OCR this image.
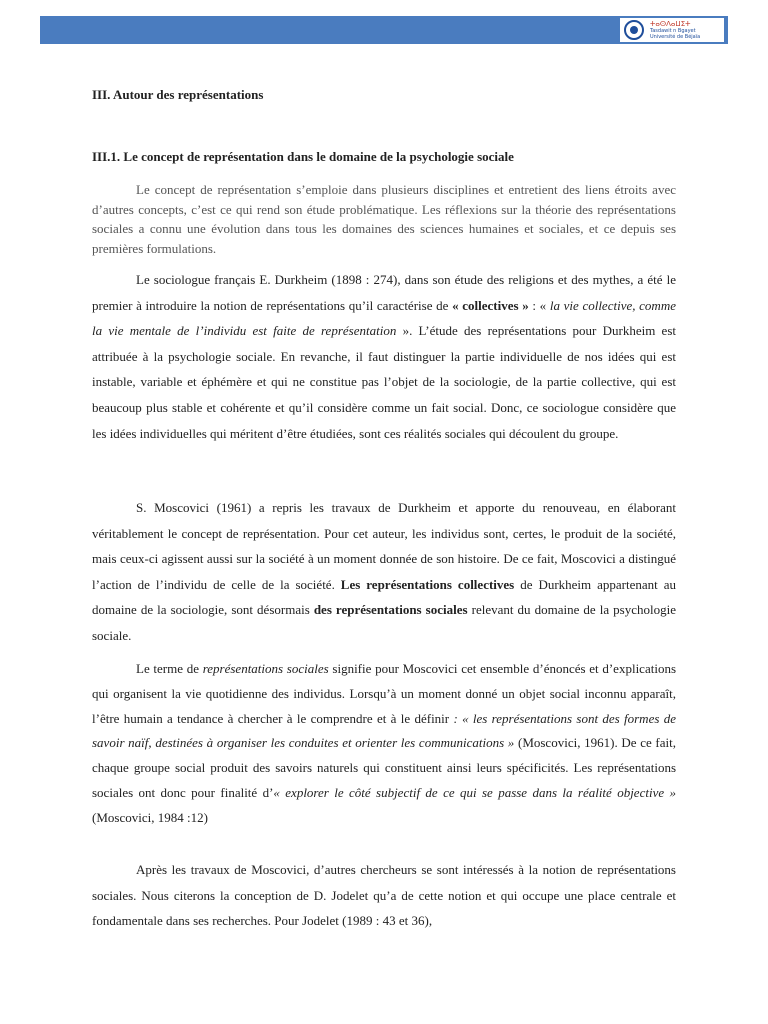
ⵜⴰⵙⴷⴰⵡⵉⵜ
Tasdawit n Bgayet
Université de Béjaïa
III. Autour des représentations
III.1. Le concept de représentation dans le domaine de la psychologie sociale

Le concept de représentation s’emploie dans plusieurs disciplines et entretient des liens étroits avec d’autres concepts, c’est ce qui rend son étude problématique. Les réflexions sur la théorie des représentations sociales a connu une évolution dans tous les domaines des sciences humaines et sociales, et ce depuis ses premières formulations.

Le sociologue français E. Durkheim (1898 : 274), dans son étude des religions et des mythes, a été le premier à introduire la notion de représentations qu’il caractérise de « collectives » : « la vie collective, comme la vie mentale de l’individu est faite de représentation ». L’étude des représentations pour Durkheim est attribuée à la psychologie sociale. En revanche, il faut distinguer la partie individuelle de nos idées qui est instable, variable et éphémère et qui ne constitue pas l’objet de la sociologie, de la partie collective, qui est beaucoup plus stable et cohérente et qu’il considère comme un fait social. Donc, ce sociologue considère que les idées individuelles qui méritent d’être étudiées, sont ces réalités sociales qui découlent du groupe.

S. Moscovici (1961) a repris les travaux de Durkheim et apporte du renouveau, en élaborant véritablement le concept de représentation. Pour cet auteur, les individus sont, certes, le produit de la société, mais ceux-ci agissent aussi sur la société à un moment donnée de son histoire. De ce fait, Moscovici a distingué l’action de l’individu de celle de la société. Les représentations collectives de Durkheim appartenant au domaine de la sociologie, sont désormais des représentations sociales relevant du domaine de la psychologie sociale.

Le terme de représentations sociales signifie pour Moscovici cet ensemble d’énoncés et d’explications qui organisent la vie quotidienne des individus. Lorsqu’à un moment donné un objet social inconnu apparaît, l’être humain a tendance à chercher à le comprendre et à le définir : « les représentations sont des formes de savoir naïf, destinées à organiser les conduites et orienter les communications » (Moscovici, 1961). De ce fait, chaque groupe social produit des savoirs naturels qui constituent ainsi leurs spécificités. Les représentations sociales ont donc pour finalité d’« explorer le côté subjectif de ce qui se passe dans la réalité objective » (Moscovici, 1984 :12)

Après les travaux de Moscovici, d’autres chercheurs se sont intéressés à la notion de représentations sociales. Nous citerons la conception de D. Jodelet qu’a de cette notion et qui occupe une place centrale et fondamentale dans ses recherches. Pour Jodelet (1989 : 43 et 36),
